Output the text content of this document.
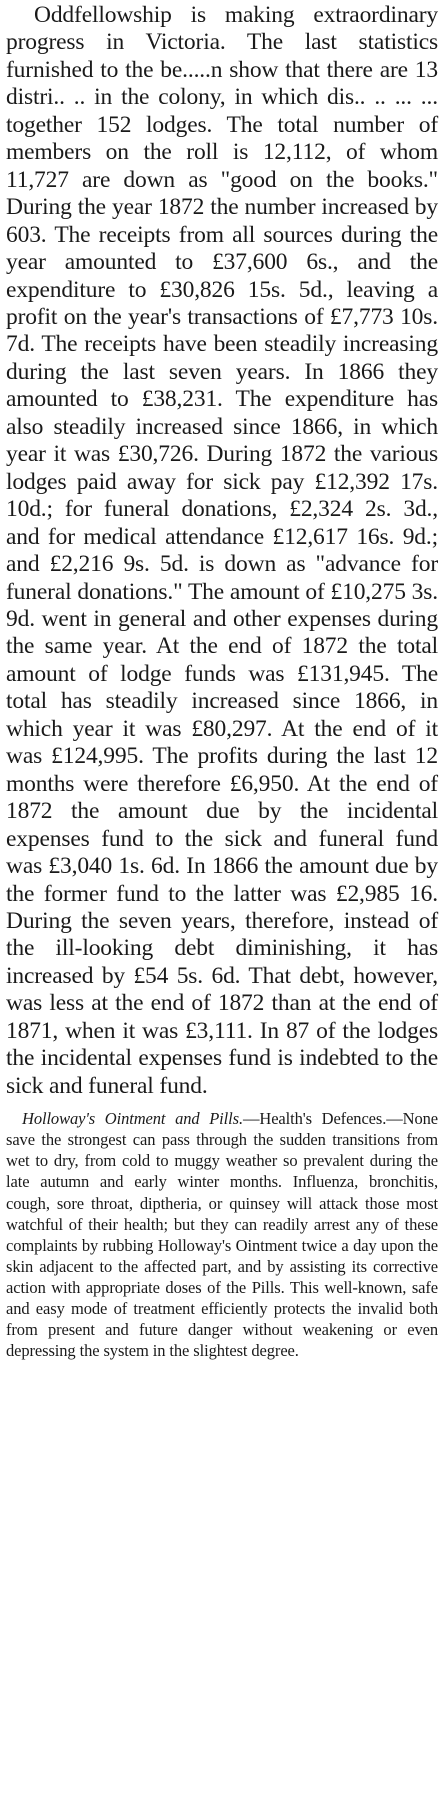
Oddfellowship is making extraordinary progress in Victoria. The last statistics furnished to the be.....n show that there are 13 distri.. .. in the colony, in which dis.. .. ... ... together 152 lodges. The total number of members on the roll is 12,112, of whom 11,727 are down as "good on the books." During the year 1872 the number increased by 603. The receipts from all sources during the year amounted to £37,600 6s., and the expenditure to £30,826 15s. 5d., leaving a profit on the year's transactions of £7,773 10s. 7d. The receipts have been steadily increasing during the last seven years. In 1866 they amounted to £38,231. The expenditure has also steadily increased since 1866, in which year it was £30,726. During 1872 the various lodges paid away for sick pay £12,392 17s. 10d.; for funeral donations, £2,324 2s. 3d., and for medical attendance £12,617 16s. 9d.; and £2,216 9s. 5d. is down as "advance for funeral donations." The amount of £10,275 3s. 9d. went in general and other expenses during the same year. At the end of 1872 the total amount of lodge funds was £131,945. The total has steadily increased since 1866, in which year it was £80,297. At the end of it was £124,995. The profits during the last 12 months were therefore £6,950. At the end of 1872 the amount due by the incidental expenses fund to the sick and funeral fund was £3,040 1s. 6d. In 1866 the amount due by the former fund to the latter was £2,985 16. During the seven years, therefore, instead of the ill-looking debt diminishing, it has increased by £54 5s. 6d. That debt, however, was less at the end of 1872 than at the end of 1871, when it was £3,111. In 87 of the lodges the incidental expenses fund is indebted to the sick and funeral fund.

Holloway's Ointment and Pills.—Health's Defences.—None save the strongest can pass through the sudden transitions from wet to dry, from cold to muggy weather so prevalent during the late autumn and early winter months. Influenza, bronchitis, cough, sore throat, diptheria, or quinsey will attack those most watchful of their health; but they can readily arrest any of these complaints by rubbing Holloway's Ointment twice a day upon the skin adjacent to the affected part, and by assisting its corrective action with appropriate doses of the Pills. This well-known, safe and easy mode of treatment efficiently protects the invalid both from present and future danger without weakening or even depressing the system in the slightest degree.
